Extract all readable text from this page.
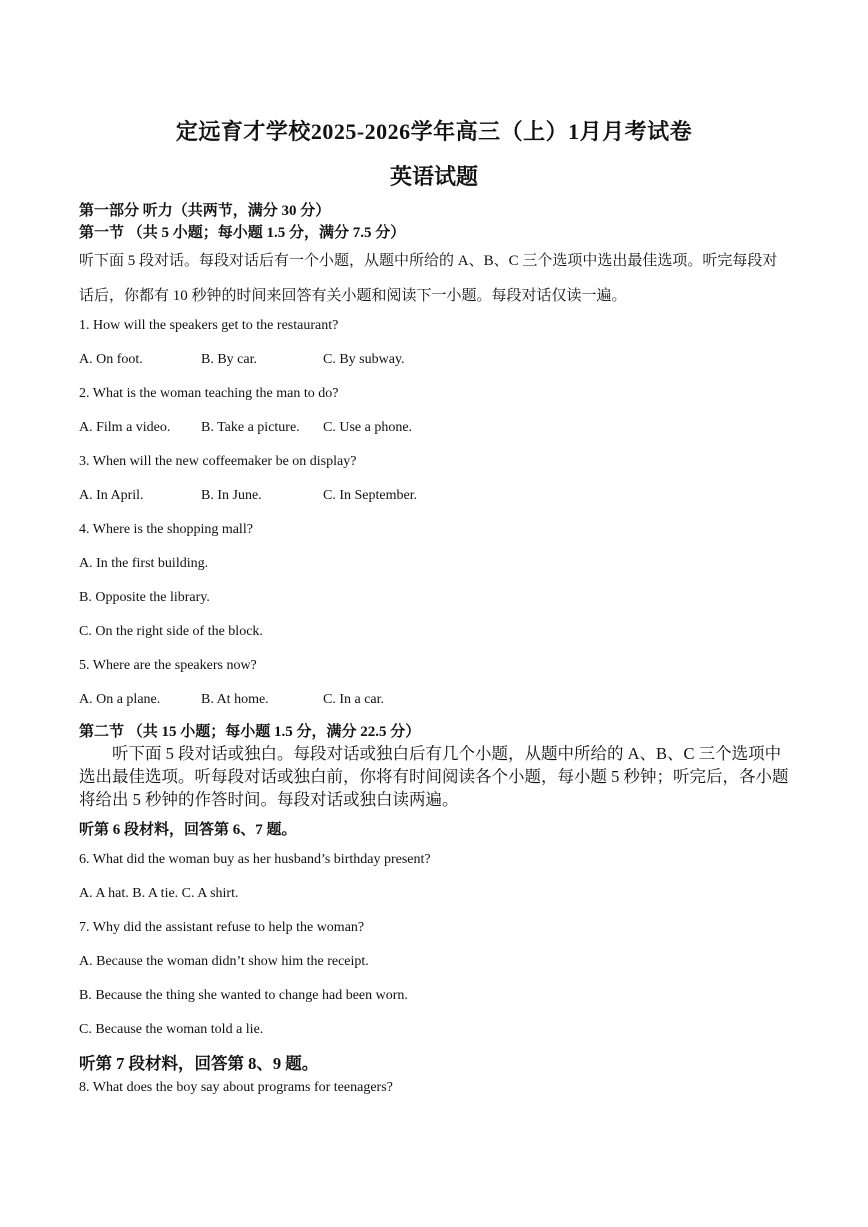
定远育才学校2025-2026学年高三（上）1月月考试卷
英语试题
第一部分 听力（共两节，满分 30 分）
第一节 （共 5 小题；每小题 1.5 分，满分 7.5 分）
听下面 5 段对话。每段对话后有一个小题，从题中所给的 A、B、C 三个选项中选出最佳选项。听完每段对
话后，你都有 10 秒钟的时间来回答有关小题和阅读下一小题。每段对话仅读一遍。
1. How will the speakers get to the restaurant?
A. On foot.	B. By car.	C. By subway.
2. What is the woman teaching the man to do?
A. Film a video. B. Take a picture. C. Use a phone.
3. When will the new coffeemaker be on display?
A. In April.	B. In June.	C. In September.
4. Where is the shopping mall?
A. In the first building.
B. Opposite the library.
C. On the right side of the block.
5. Where are the speakers now?
A. On a plane.	B. At home.	C. In a car.
第二节 （共 15 小题；每小题 1.5 分，满分 22.5 分）
听下面 5 段对话或独白。每段对话或独白后有几个小题，从题中所给的 A、B、C 三个选项中选出最佳选项。听每段对话或独白前，你将有时间阅读各个小题，每小题 5 秒钟；听完后，各小题将给出 5 秒钟的作答时间。每段对话或独白读两遍。
听第 6 段材料，回答第 6、7 题。
6. What did the woman buy as her husband’s birthday present?
A. A hat. B. A tie. C. A shirt.
7. Why did the assistant refuse to help the woman?
A. Because the woman didn’t show him the receipt.
B. Because the thing she wanted to change had been worn.
C. Because the woman told a lie.
听第 7 段材料，回答第 8、9 题。
8. What does the boy say about programs for teenagers?
